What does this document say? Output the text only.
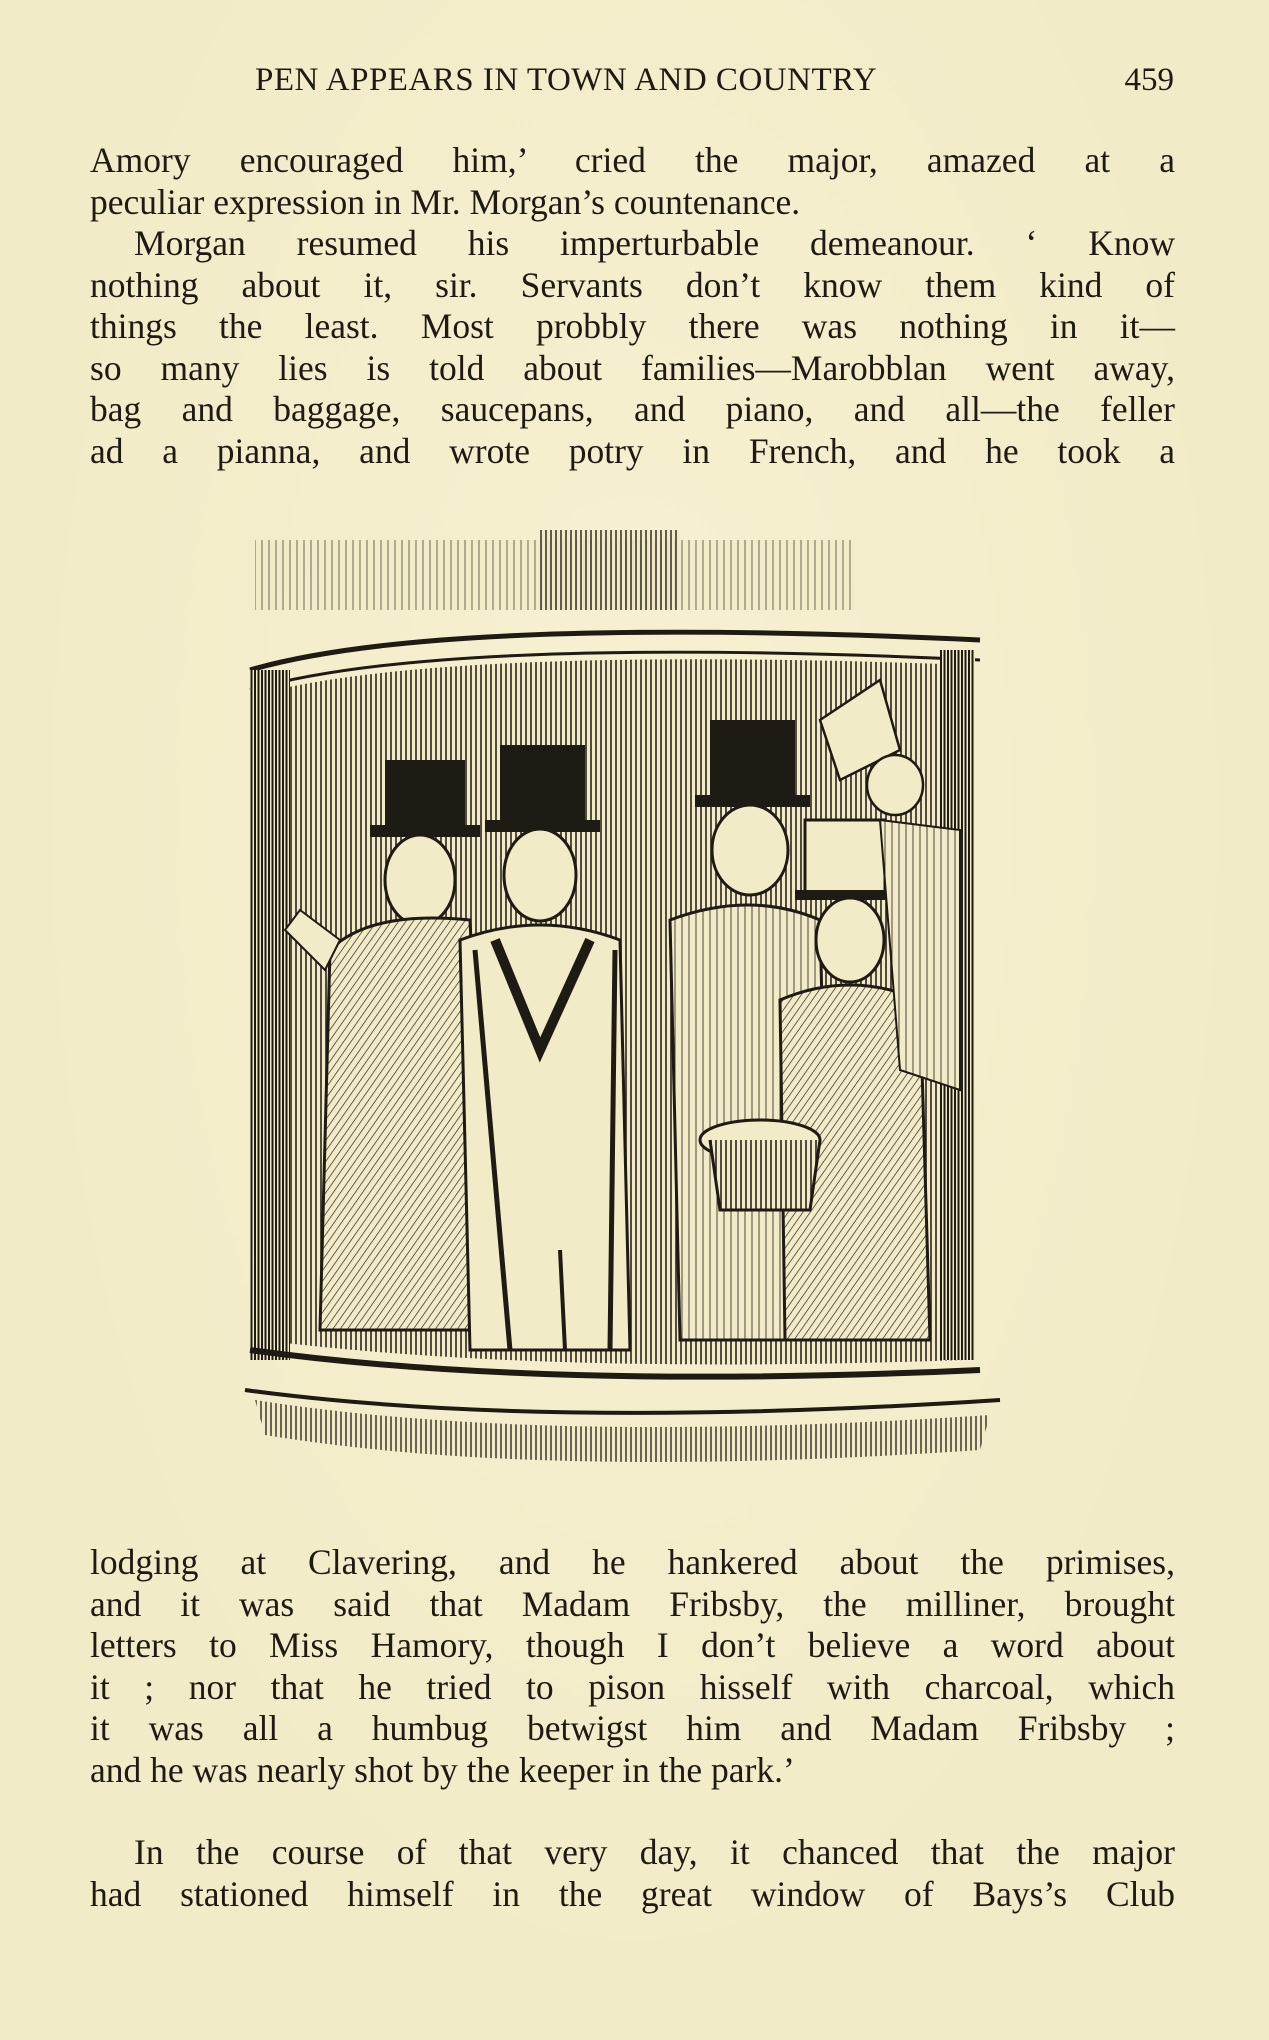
PEN APPEARS IN TOWN AND COUNTRY	459
Amory encouraged him,’ cried the major, amazed at a
peculiar expression in Mr. Morgan’s countenance.
Morgan resumed his imperturbable demeanour. ‘ Know
nothing about it, sir. Servants don’t know them kind of
things the least. Most probbly there was nothing in it—
so many lies is told about families—Marobblan went away,
bag and baggage, saucepans, and piano, and all—the feller
ad a pianna, and wrote potry in French, and he took a
lodging at Clavering, and he hankered about the primises,
and it was said that Madam Fribsby, the milliner, brought
letters to Miss Hamory, though I don’t believe a word about
it ; nor that he tried to pison hisself with charcoal, which
it was all a humbug betwigst him and Madam Fribsby ;
and he was nearly shot by the keeper in the park.’
In the course of that very day, it chanced that the major
had stationed himself in the great window of Bays’s Club
